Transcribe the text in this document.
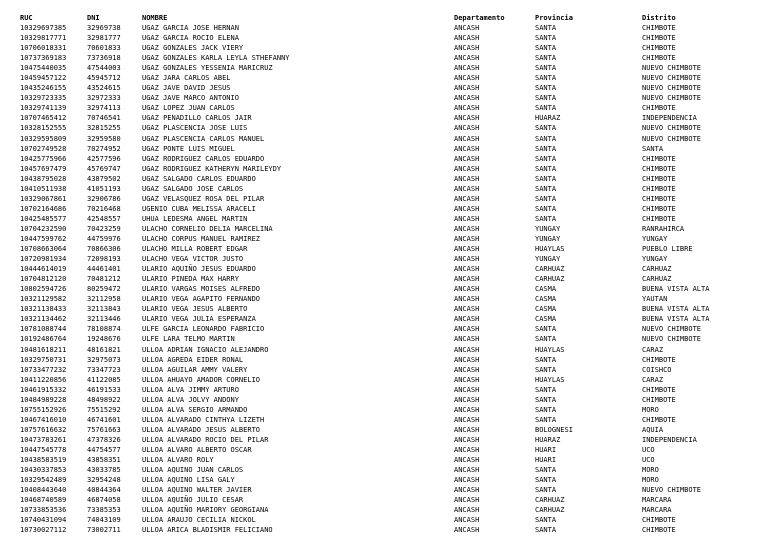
RUC	DNI	NOMBRE	Departamento	Provincia	Distrito
10329697385	32969738	UGAZ GARCIA JOSE HERNAN	ANCASH	SANTA	CHIMBOTE
10329817771	32981777	UGAZ GARCIA ROCIO ELENA	ANCASH	SANTA	CHIMBOTE
10706018331	70601833	UGAZ GONZALES JACK VIERY	ANCASH	SANTA	CHIMBOTE
10737369183	73736918	UGAZ GONZALES KARLA LEYLA STHEFANNY	ANCASH	SANTA	CHIMBOTE
10475440035	47544003	UGAZ GONZALES YESSENIA MARICRUZ	ANCASH	SANTA	NUEVO CHIMBOTE
10459457122	45945712	UGAZ JARA CARLOS ABEL	ANCASH	SANTA	NUEVO CHIMBOTE
10435246155	43524615	UGAZ JAVE DAVID JESUS	ANCASH	SANTA	NUEVO CHIMBOTE
10329723335	32972333	UGAZ JAVE MARCO ANTONIO	ANCASH	SANTA	NUEVO CHIMBOTE
10329741139	32974113	UGAZ LOPEZ JUAN CARLOS	ANCASH	SANTA	CHIMBOTE
10707465412	70746541	UGAZ PENADILLO CARLOS JAIR	ANCASH	HUARAZ	INDEPENDENCIA
10328152555	32815255	UGAZ PLASCENCIA JOSE LUIS	ANCASH	SANTA	NUEVO CHIMBOTE
10329595809	32959580	UGAZ PLASCENCIA CARLOS MANUEL	ANCASH	SANTA	NUEVO CHIMBOTE
10702749528	70274952	UGAZ PONTE LUIS MIGUEL	ANCASH	SANTA	SANTA
10425775966	42577596	UGAZ RODRIGUEZ CARLOS EDUARDO	ANCASH	SANTA	CHIMBOTE
10457697479	45769747	UGAZ RODRIGUEZ KATHERYN MARILEYDY	ANCASH	SANTA	CHIMBOTE
10438795028	43879502	UGAZ SALGADO CARLOS EDUARDO	ANCASH	SANTA	CHIMBOTE
10410511938	41051193	UGAZ SALGADO JOSE CARLOS	ANCASH	SANTA	CHIMBOTE
10329067861	32906786	UGAZ VELASQUEZ ROSA DEL PILAR	ANCASH	SANTA	CHIMBOTE
10702164686	70216468	UGENIO CUBA MELISSA ARACELI	ANCASH	SANTA	CHIMBOTE
10425485577	42548557	UHUA LEDESMA ANGEL MARTIN	ANCASH	SANTA	CHIMBOTE
10704232590	70423259	ULACHO CORNELIO DELIA MARCELINA	ANCASH	YUNGAY	RANRAHIRCA
10447599762	44759976	ULACHO CORPUS MANUEL RAMIREZ	ANCASH	YUNGAY	YUNGAY
10708663064	70866306	ULACHO MILLA ROBERT EDGAR	ANCASH	HUAYLAS	PUEBLO LIBRE
10720981934	72098193	ULACHO VEGA VICTOR JUSTO	ANCASH	YUNGAY	YUNGAY
10444614019	44461401	ULARIO AQUIÑO JESUS EDUARDO	ANCASH	CARHUAZ	CARHUAZ
10704812120	70481212	ULARIO PINEDA MAX HARRY	ANCASH	CARHUAZ	CARHUAZ
10802594726	80259472	ULARIO VARGAS MOISES ALFREDO	ANCASH	CASMA	BUENA VISTA ALTA
10321129582	32112958	ULARIO VEGA AGAPITO FERNANDO	ANCASH	CASMA	YAUTAN
10321138433	32113843	ULARIO VEGA JESUS ALBERTO	ANCASH	CASMA	BUENA VISTA ALTA
10321134462	32113446	ULARIO VEGA JULIA ESPERANZA	ANCASH	CASMA	BUENA VISTA ALTA
10781088744	78108874	ULFE GARCIA LEONARDO FABRICIO	ANCASH	SANTA	NUEVO CHIMBOTE
10192486764	19248676	ULFE LARA TELMO MARTIN	ANCASH	SANTA	NUEVO CHIMBOTE
10481618211	48161821	ULLOA ADRIAN IGNACIO ALEJANDRO	ANCASH	HUAYLAS	CARAZ
10329750731	32975073	ULLOA AGREDA EIDER RONAL	ANCASH	SANTA	CHIMBOTE
10733477232	73347723	ULLOA AGUILAR AMMY VALERY	ANCASH	SANTA	COISHCO
10411220856	41122085	ULLOA AHUAYO AMADOR CORNELIO	ANCASH	HUAYLAS	CARAZ
10461915332	46191533	ULLOA ALVA JIMMY ARTURO	ANCASH	SANTA	CHIMBOTE
10484989228	48498922	ULLOA ALVA JOLVY ANDONY	ANCASH	SANTA	CHIMBOTE
10755152926	75515292	ULLOA ALVA SERGIO ARMANDO	ANCASH	SANTA	MORO
10467416010	46741601	ULLOA ALVARADO CINTHYA LIZETH	ANCASH	SANTA	CHIMBOTE
10757616632	75761663	ULLOA ALVARADO JESUS ALBERTO	ANCASH	BOLOGNESI	AQUIA
10473783261	47378326	ULLOA ALVARADO ROCIO DEL PILAR	ANCASH	HUARAZ	INDEPENDENCIA
10447545778	44754577	ULLOA ALVARO ALBERTO OSCAR	ANCASH	HUARI	UCO
10438583519	43858351	ULLOA ALVARO ROLY	ANCASH	HUARI	UCO
10430337853	43033785	ULLOA AQUINO JUAN CARLOS	ANCASH	SANTA	MORO
10329542489	32954248	ULLOA AQUINO LISA GALY	ANCASH	SANTA	MORO
10408443640	40844364	ULLOA AQUINO WALTER JAVIER	ANCASH	SANTA	NUEVO CHIMBOTE
10468740589	46874058	ULLOA AQUIÑO JULIO CESAR	ANCASH	CARHUAZ	MARCARA
10733853536	73385353	ULLOA AQUIÑO MARIORY GEORGIANA	ANCASH	CARHUAZ	MARCARA
10740431094	74043109	ULLOA ARAUJO CECILIA NICKOL	ANCASH	SANTA	CHIMBOTE
10730027112	73002711	ULLOA ARICA BLADISMIR FELICIANO	ANCASH	SANTA	CHIMBOTE
